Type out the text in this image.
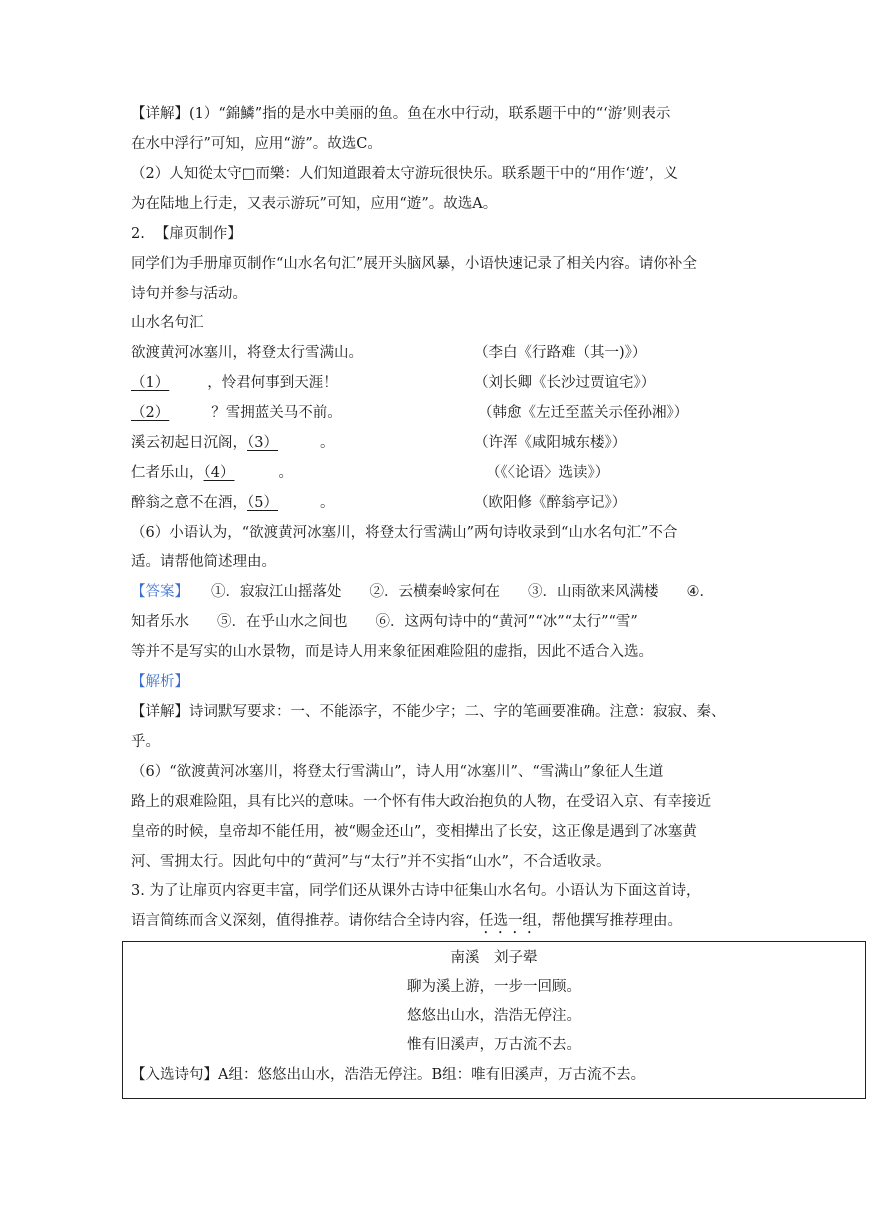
【详解】(1）“錦鱗”指的是水中美丽的鱼。鱼在水中行动，联系题干中的“‘游’则表示
在水中浮行”可知，应用“游”。故选C。
（2）人知從太守□而樂：人们知道跟着太守游玩很快乐。联系题干中的“用作‘遊’，义
为在陆地上行走，又表示游玩”可知，应用“遊”。故选A。
2. 【扉页制作】
同学们为手册扉页制作“山水名句汇”展开头脑风暴，小语快速记录了相关内容。请你补全
诗句并参与活动。
山水名句汇
欲渡黄河冰塞川，将登太行雪满山。	（李白《行路难（其一)》）
（1）	，怜君何事到天涯！	（刘长卿《长沙过贾谊宅》）
（2）	？雪拥蓝关马不前。	（韩愈《左迁至蓝关示侄孙湘》）
溪云初起日沉阁，（3）	。	（许浑《咸阳城东楼》）
仁者乐山，（4）	。	（《〈论语〉选读》）
醉翁之意不在酒，（5）	。	（欧阳修《醉翁亭记》）
（6）小语认为，“欲渡黄河冰塞川，将登太行雪满山”两句诗收录到“山水名句汇”不合
适。请帮他简述理由。
【答案】 ①．寂寂江山摇落处 ②．云横秦岭家何在 ③．山雨欲来风满楼 ④．
知者乐水 ⑤．在乎山水之间也 ⑥．这两句诗中的“黄河”“冰”“太行”“雪”
等并不是写实的山水景物，而是诗人用来象征困难险阻的虚指，因此不适合入选。
【解析】
【详解】诗词默写要求：一、不能添字，不能少字；二、字的笔画要准确。注意：寂寂、秦、
乎。
（6）“欲渡黄河冰塞川，将登太行雪满山”，诗人用“冰塞川”、“雪满山”象征人生道
路上的艰难险阻，具有比兴的意味。一个怀有伟大政治抱负的人物，在受诏入京、有幸接近
皇帝的时候，皇帝却不能任用，被“赐金还山”，变相撵出了长安，这正像是遇到了冰塞黄
河、雪拥太行。因此句中的“黄河”与“太行”并不实指“山水”，不合适收录。
3. 为了让扉页内容更丰富，同学们还从课外古诗中征集山水名句。小语认为下面这首诗，
语言简练而含义深刻，值得推荐。请你结合全诗内容，任选一组，帮他撰写推荐理由。
南溪　刘子翚
聊为溪上游，一步一回顾。
悠悠出山水，浩浩无停注。
惟有旧溪声，万古流不去。
【入选诗句】A组：悠悠出山水，浩浩无停注。B组：唯有旧溪声，万古流不去。
